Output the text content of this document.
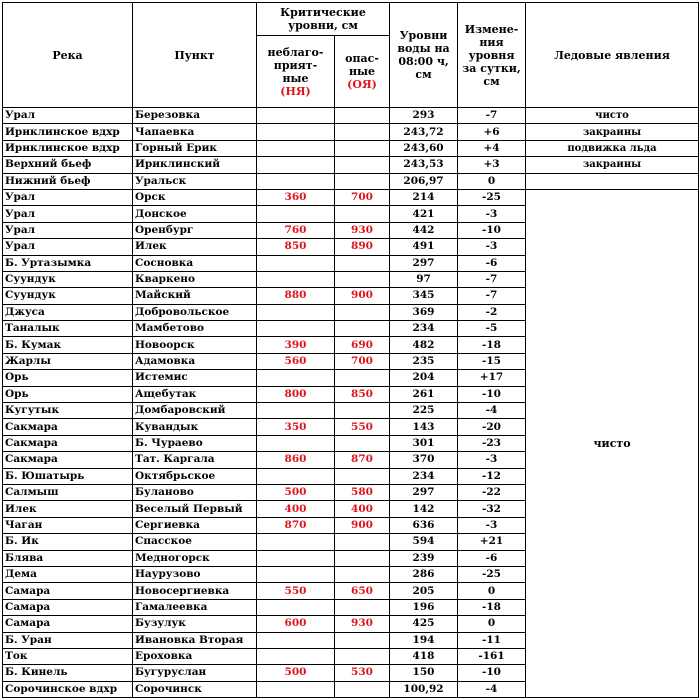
Река	Пункт	Критические уровни, см		Уровни воды на 08:00 ч, см	Измене-ния уровня за сутки, см	Ледовые явления
		неблаго-
прият-
ные
(НЯ)	опас-
ные
(ОЯ)			
Урал	Березовка			293	-7	чисто
Ириклинское вдхр	Чапаевка			243,72	+6	закраины
Ириклинское вдхр	Горный Ерик			243,60	+4	подвижка льда
Верхний бьеф	Ириклинский			243,53	+3	закраины
Нижний бьеф	Уральск			206,97	0	
Урал	Орск	360	700	214	-25	чисто
Урал	Донское			421	-3	
Урал	Оренбург	760	930	442	-10	
Урал	Илек	850	890	491	-3	
Б. Уртазымка	Сосновка			297	-6	
Суундук	Кваркено			97	-7	
Суундук	Майский	880	900	345	-7	
Джуса	Добровольское			369	-2	
Таналык	Мамбетово			234	-5	
Б. Кумак	Новоорск	390	690	482	-18	
Жарлы	Адамовка	560	700	235	-15	
Орь	Истемис			204	+17	
Орь	Ащебутак	800	850	261	-10	
Кугутык	Домбаровский			225	-4	
Сакмара	Кувандык	350	550	143	-20	
Сакмара	Б. Чураево			301	-23	
Сакмара	Тат. Каргала	860	870	370	-3	
Б. Юшатырь	Октябрьское			234	-12	
Салмыш	Буланово	500	580	297	-22	
Илек	Веселый Первый	400	400	142	-32	
Чаган	Сергиевка	870	900	636	-3	
Б. Ик	Спасское			594	+21	
Блява	Медногорск			239	-6	
Дема	Наурузово			286	-25	
Самара	Новосергиевка	550	650	205	0	
Самара	Гамалеевка			196	-18	
Самара	Бузулук	600	930	425	0	
Б. Уран	Ивановка Вторая			194	-11	
Ток	Ероховка			418	-161	
Б. Кинель	Бугуруслан	500	530	150	-10	
Сорочинское вдхр	Сорочинск			100,92	-4	
